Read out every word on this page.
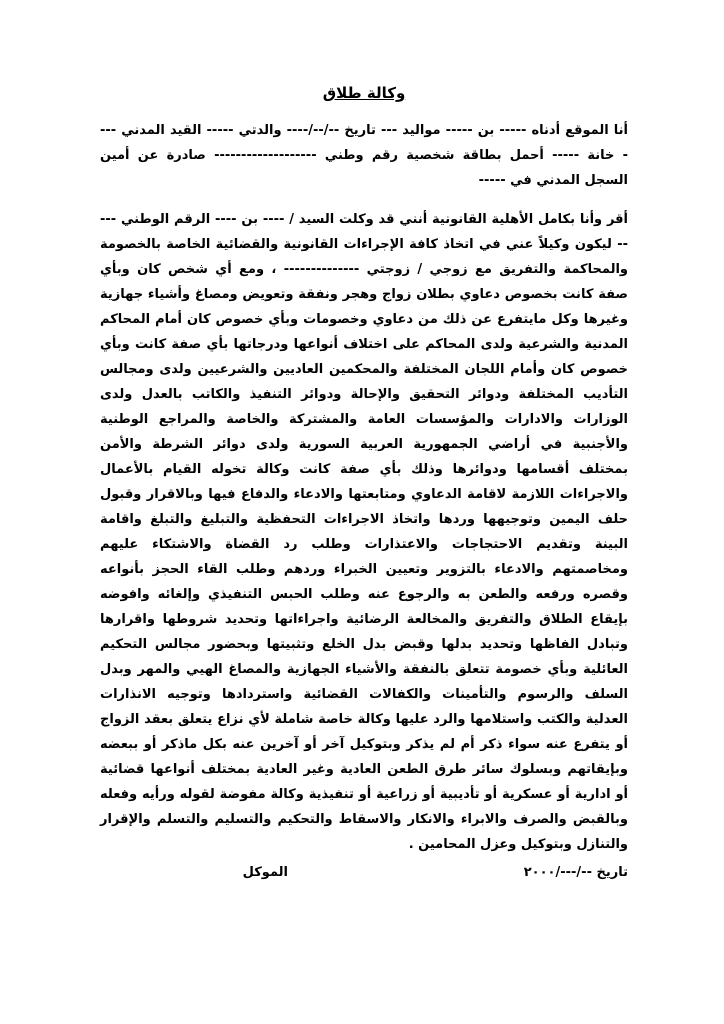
وكالة طلاق

أنا الموقع أدناه ----- بن ----- مواليد --- تاريخ --/--/---- والدتي ----- القيد المدني --- - خانة ----- أحمل بطاقة شخصية رقم وطني ------------------- صادرة عن أمين السجل المدني في -----

أقر وأنا بكامل الأهلية القانونية أنني قد وكلت السيد / ---- بن ---- الرقم الوطني ----- ليكون وكيلاً عني في اتخاذ كافة الإجراءات القانونية والقضائية الخاصة بالخصومة والمحاكمة والتفريق مع زوجي / زوجتي -------------- ، ومع أي شخص كان وبأي صفة كانت بخصوص دعاوي بطلان زواج وهجر ونفقة وتعويض ومصاغ وأشياء جهازية وغيرها وكل مايتفرع عن ذلك من دعاوي وخصومات وبأي خصوص كان أمام المحاكم المدنية والشرعية ولدى المحاكم على اختلاف أنواعها ودرجاتها بأي صفة كانت وبأي خصوص كان وأمام اللجان المختلفة والمحكمين العاديين والشرعيين ولدى ومجالس التأديب المختلفة ودوائر التحقيق والإحالة ودوائر التنفيذ والكاتب بالعدل ولدى الوزارات والادارات والمؤسسات العامة والمشتركة والخاصة والمراجع الوطنية والأجنبية في أراضي الجمهورية العربية السورية ولدى دوائر الشرطة والأمن بمختلف أقسامها ودوائرها وذلك بأي صفة كانت وكالة تخوله القيام بالأعمال والاجراءات اللازمة لاقامة الدعاوي ومتابعتها والادعاء والدفاع فيها وبالاقرار وقبول حلف اليمين وتوجيهها وردها واتخاذ الاجراءات التحفظية والتبليغ والتبلغ واقامة البينة وتقديم الاحتجاجات والاعتذارات وطلب رد القضاة والاشتكاء عليهم ومخاصمتهم والادعاء بالتزوير وتعيين الخبراء وردهم وطلب القاء الحجز بأنواعه وقصره ورفعه والطعن به والرجوع عنه وطلب الحبس التنفيذي وإلغائه وافوضه بإيقاع الطلاق والتفريق والمخالعة الرضائية واجراءاتها وتحديد شروطها واقرارها وتبادل الفاظها وتحديد بدلها وقبض بدل الخلع وتثبيتها وبحضور مجالس التحكيم العائلية وبأي خصومة تتعلق بالنفقة والأشياء الجهازية والمصاغ الهيي والمهر وبدل السلف والرسوم والتأمينات والكفالات القضائية واستردادها وتوجيه الانذارات العدلية والكتب واستلامها والرد عليها وكالة خاصة شاملة لأي نزاع يتعلق بعقد الزواج أو يتفرع عنه سواء ذكر أم لم يذكر وبتوكيل آخر أو آخرين عنه بكل ماذكر أو ببعضه وبإيقاتهم وبسلوك سائر طرق الطعن العادية وغير العادية بمختلف أنواعها قضائية أو ادارية أو عسكرية أو تأديبية أو زراعية أو تنفيذية وكالة مفوضة لقوله ورأيه وفعله وبالقبض والصرف والابراء والانكار والاسقاط والتحكيم والتسليم والتسلم والإقرار والتنازل وبتوكيل وعزل المحامين .

تاريخ --/---/٢٠٠٠
الموكل
